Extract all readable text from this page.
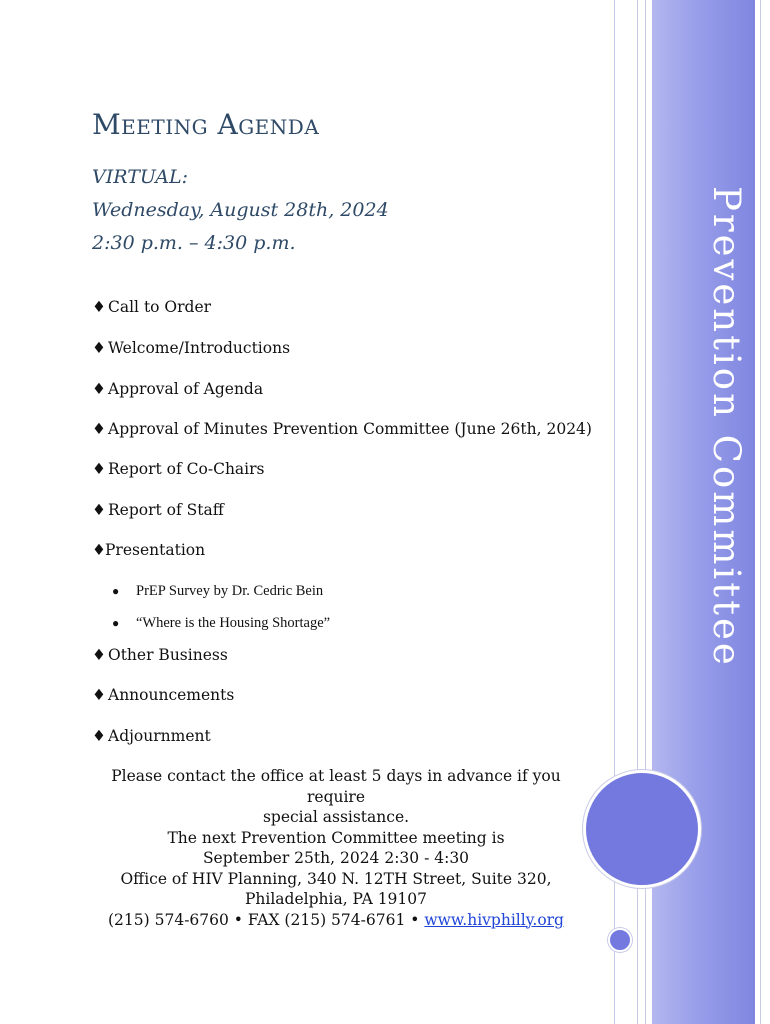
Prevention Committee
Meeting Agenda
VIRTUAL:
Wednesday, August 28th, 2024
2:30 p.m. – 4:30 p.m.
♦ Call to Order
♦ Welcome/Introductions
♦ Approval of Agenda
♦ Approval of Minutes Prevention Committee (June 26th, 2024)
♦ Report of Co-Chairs
♦ Report of Staff
♦Presentation
● PrEP Survey by Dr. Cedric Bein
● “Where is the Housing Shortage”
♦ Other Business
♦ Announcements
♦ Adjournment
Please contact the office at least 5 days in advance if you require
special assistance.
The next Prevention Committee meeting is
September 25th, 2024 2:30 - 4:30
Office of HIV Planning, 340 N. 12TH Street, Suite 320,
Philadelphia, PA 19107
(215) 574-6760 • FAX (215) 574-6761 • www.hivphilly.org
